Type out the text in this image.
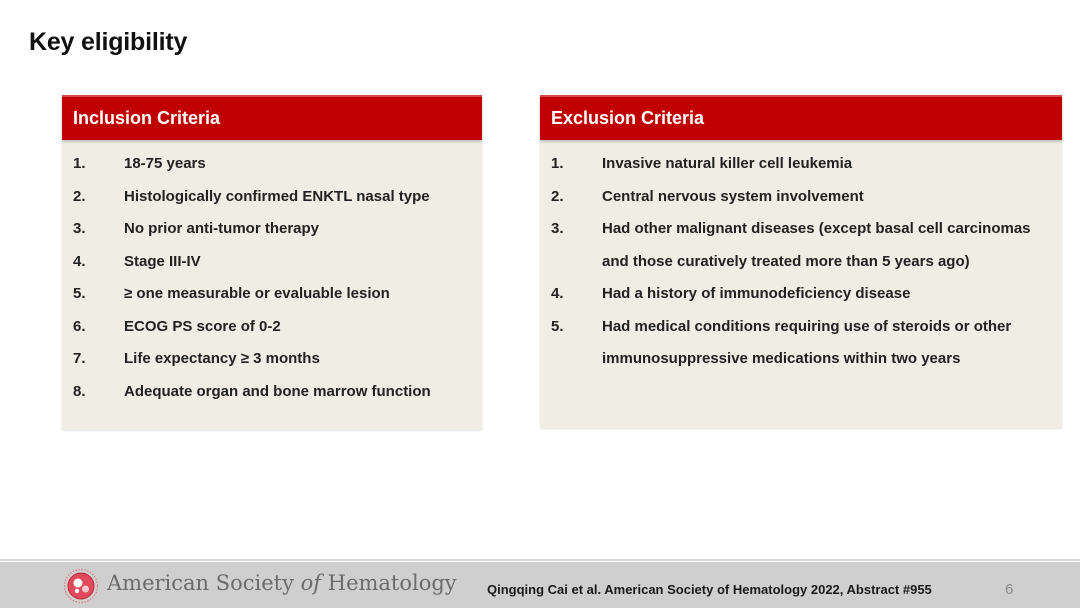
Key eligibility
Inclusion Criteria
1.	18-75 years
2.	Histologically confirmed ENKTL nasal type
3.	No prior anti-tumor therapy
4.	Stage III-IV
5.	≥ one measurable or evaluable lesion
6.	ECOG PS score of 0-2
7.	Life expectancy ≥ 3 months
8.	Adequate organ and bone marrow function
Exclusion Criteria
1.	Invasive natural killer cell leukemia
2.	Central nervous system involvement
3.	Had other malignant diseases (except basal cell carcinomas and those curatively treated more than 5 years ago)
4.	Had a history of immunodeficiency disease
5.	Had medical conditions requiring use of steroids or other immunosuppressive medications within two years
American Society of Hematology Qingqing Cai et al. American Society of Hematology 2022, Abstract #955	6
